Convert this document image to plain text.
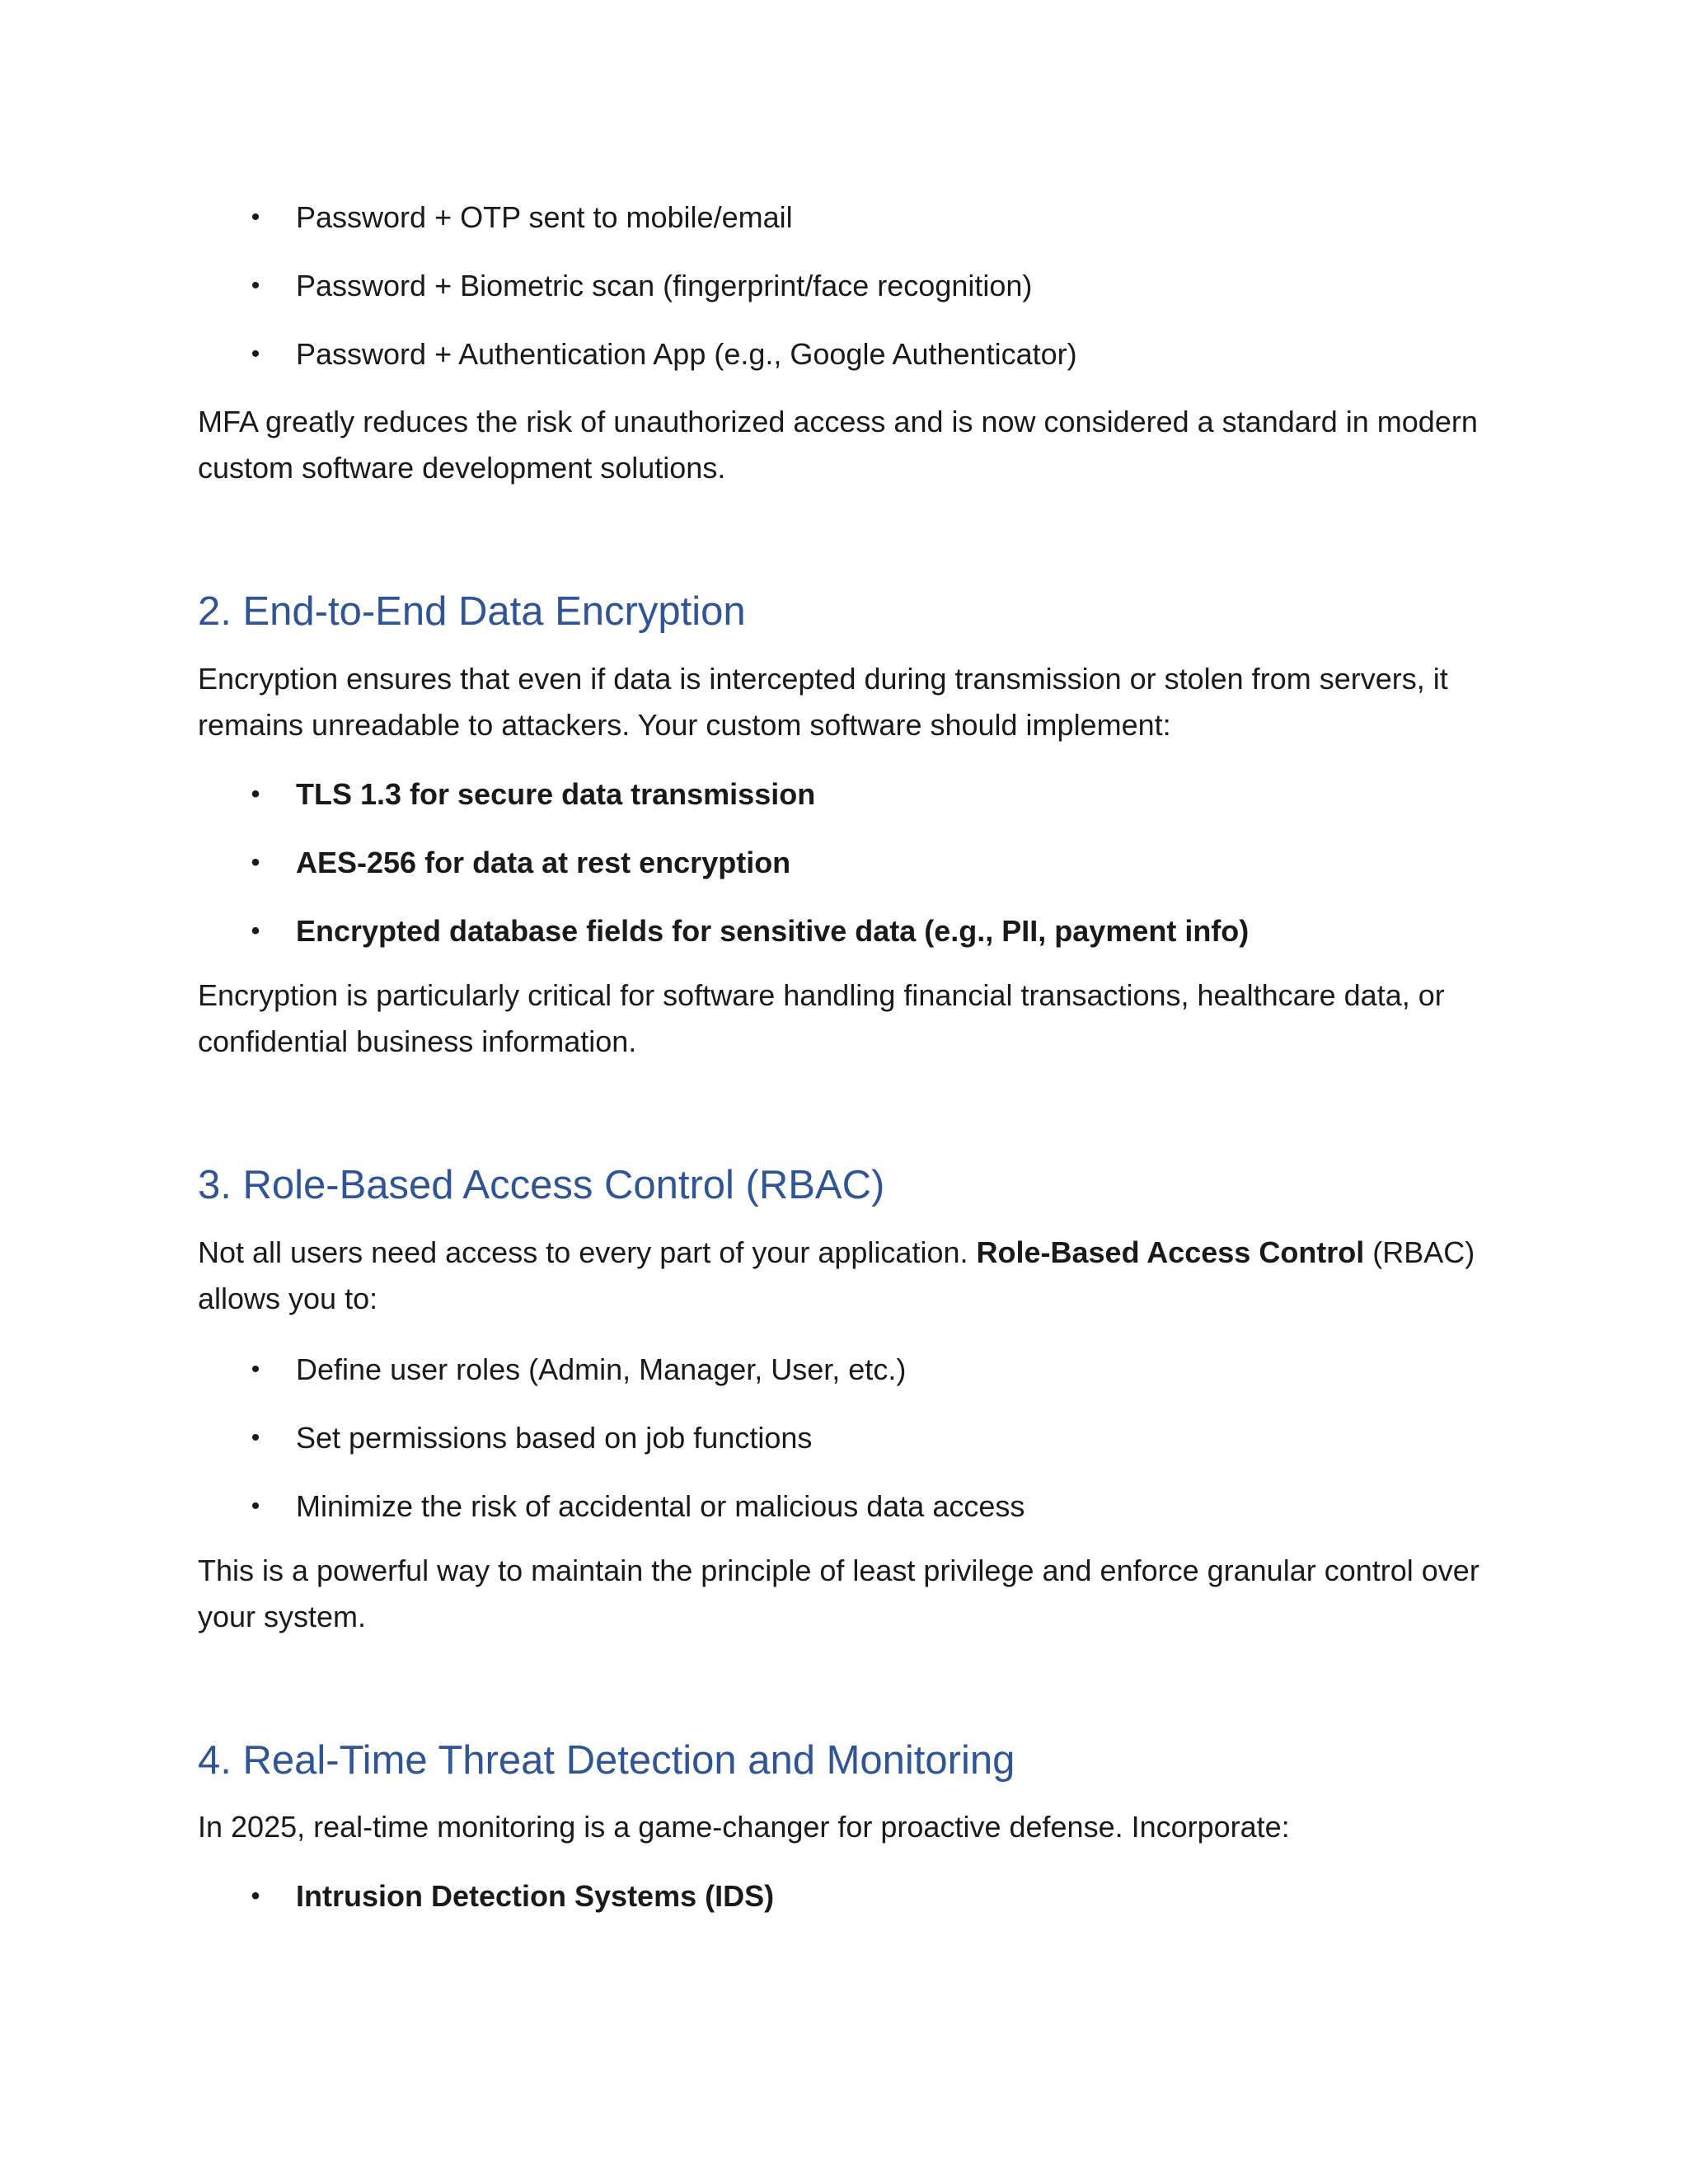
• Password + OTP sent to mobile/email
• Password + Biometric scan (fingerprint/face recognition)
• Password + Authentication App (e.g., Google Authenticator)

MFA greatly reduces the risk of unauthorized access and is now considered a standard in modern custom software development solutions.

2. End-to-End Data Encryption

Encryption ensures that even if data is intercepted during transmission or stolen from servers, it remains unreadable to attackers. Your custom software should implement:

• TLS 1.3 for secure data transmission
• AES-256 for data at rest encryption
• Encrypted database fields for sensitive data (e.g., PII, payment info)

Encryption is particularly critical for software handling financial transactions, healthcare data, or confidential business information.

3. Role-Based Access Control (RBAC)

Not all users need access to every part of your application. Role-Based Access Control (RBAC) allows you to:

• Define user roles (Admin, Manager, User, etc.)
• Set permissions based on job functions
• Minimize the risk of accidental or malicious data access

This is a powerful way to maintain the principle of least privilege and enforce granular control over your system.

4. Real-Time Threat Detection and Monitoring

In 2025, real-time monitoring is a game-changer for proactive defense. Incorporate:

• Intrusion Detection Systems (IDS)
